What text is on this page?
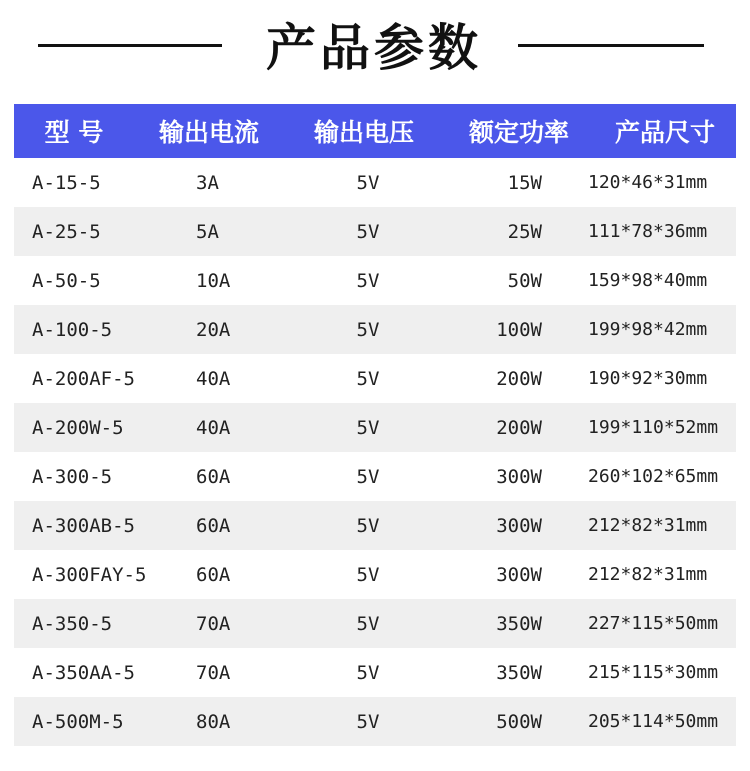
产品参数
型 号	输出电流	输出电压	额定功率	产品尺寸
A-15-5	3A	5V	15W	120*46*31mm
A-25-5	5A	5V	25W	111*78*36mm
A-50-5	10A	5V	50W	159*98*40mm
A-100-5	20A	5V	100W	199*98*42mm
A-200AF-5	40A	5V	200W	190*92*30mm
A-200W-5	40A	5V	200W	199*110*52mm
A-300-5	60A	5V	300W	260*102*65mm
A-300AB-5	60A	5V	300W	212*82*31mm
A-300FAY-5	60A	5V	300W	212*82*31mm
A-350-5	70A	5V	350W	227*115*50mm
A-350AA-5	70A	5V	350W	215*115*30mm
A-500M-5	80A	5V	500W	205*114*50mm
